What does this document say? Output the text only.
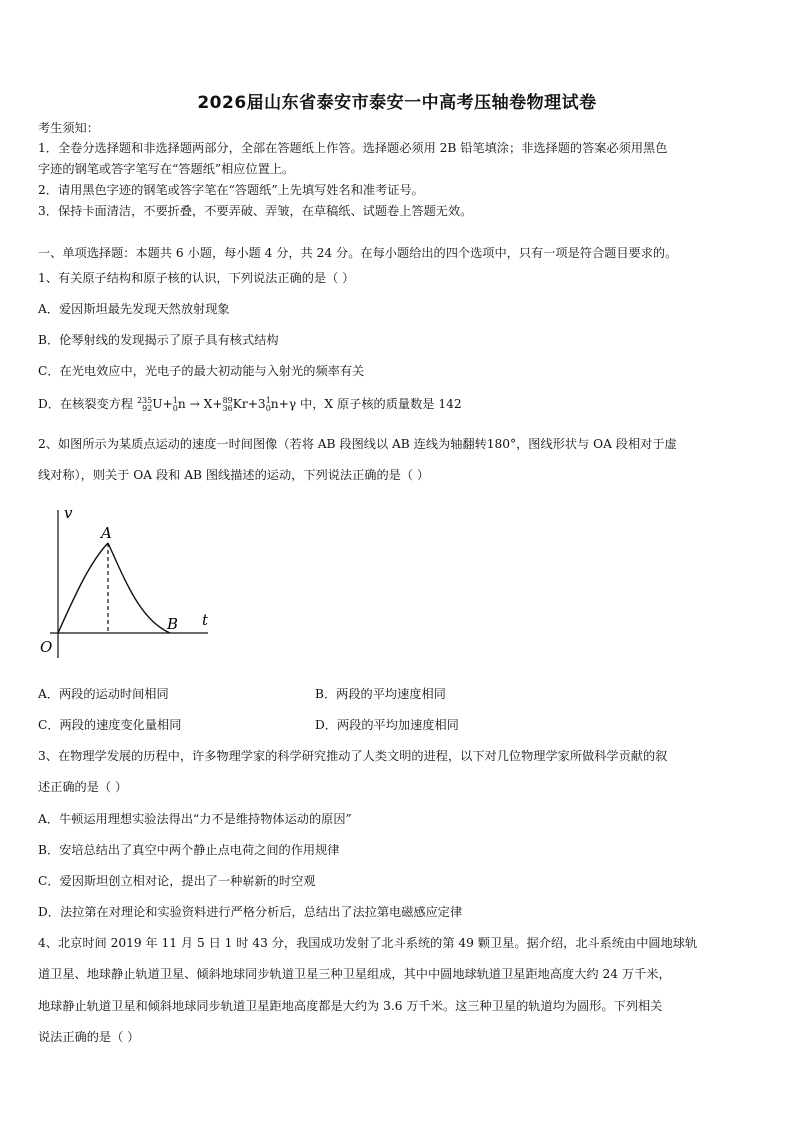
2026届山东省泰安市泰安一中高考压轴卷物理试卷
考生须知：
1．全卷分选择题和非选择题两部分，全部在答题纸上作答。选择题必须用 2B 铅笔填涂；非选择题的答案必须用黑色
字迹的钢笔或答字笔写在“答题纸”相应位置上。
2．请用黑色字迹的钢笔或答字笔在“答题纸”上先填写姓名和准考证号。
3．保持卡面清洁，不要折叠，不要弄破、弄皱，在草稿纸、试题卷上答题无效。
一、单项选择题：本题共 6 小题，每小题 4 分，共 24 分。在每小题给出的四个选项中，只有一项是符合题目要求的。
1、有关原子结构和原子核的认识，下列说法正确的是（ ）
A．爱因斯坦最先发现天然放射现象
B．伦琴射线的发现揭示了原子具有核式结构
C．在光电效应中，光电子的最大初动能与入射光的频率有关
D．在核裂变方程 235
92 U+ 1
0 n → X+ 89
36 Kr+3 1
0 n+γ 中，X 原子核的质量数是 142
2、如图所示为某质点运动的速度一时间图像（若将 AB 段图线以 AB 连线为轴翻转180°，图线形状与 OA 段相对于虚
线对称），则关于 OA 段和 AB 图线描述的运动，下列说法正确的是（ ）
v
t
O
A
B
A．两段的运动时间相同	B．两段的平均速度相同
C．两段的速度变化量相同	D．两段的平均加速度相同
3、在物理学发展的历程中，许多物理学家的科学研究推动了人类文明的进程，以下对几位物理学家所做科学贡献的叙
述正确的是（ ）
A．牛顿运用理想实验法得出“力不是维持物体运动的原因”
B．安培总结出了真空中两个静止点电荷之间的作用规律
C．爱因斯坦创立相对论，提出了一种崭新的时空观
D．法拉第在对理论和实验资料进行严格分析后，总结出了法拉第电磁感应定律
4、北京时间 2019 年 11 月 5 日 1 时 43 分，我国成功发射了北斗系统的第 49 颗卫星。据介绍，北斗系统由中圆地球轨
道卫星、地球静止轨道卫星、倾斜地球同步轨道卫星三种卫星组成，其中中圆地球轨道卫星距地高度大约 24 万千米，
地球静止轨道卫星和倾斜地球同步轨道卫星距地高度都是大约为 3.6 万千米。这三种卫星的轨道均为圆形。下列相关
说法正确的是（ ）
